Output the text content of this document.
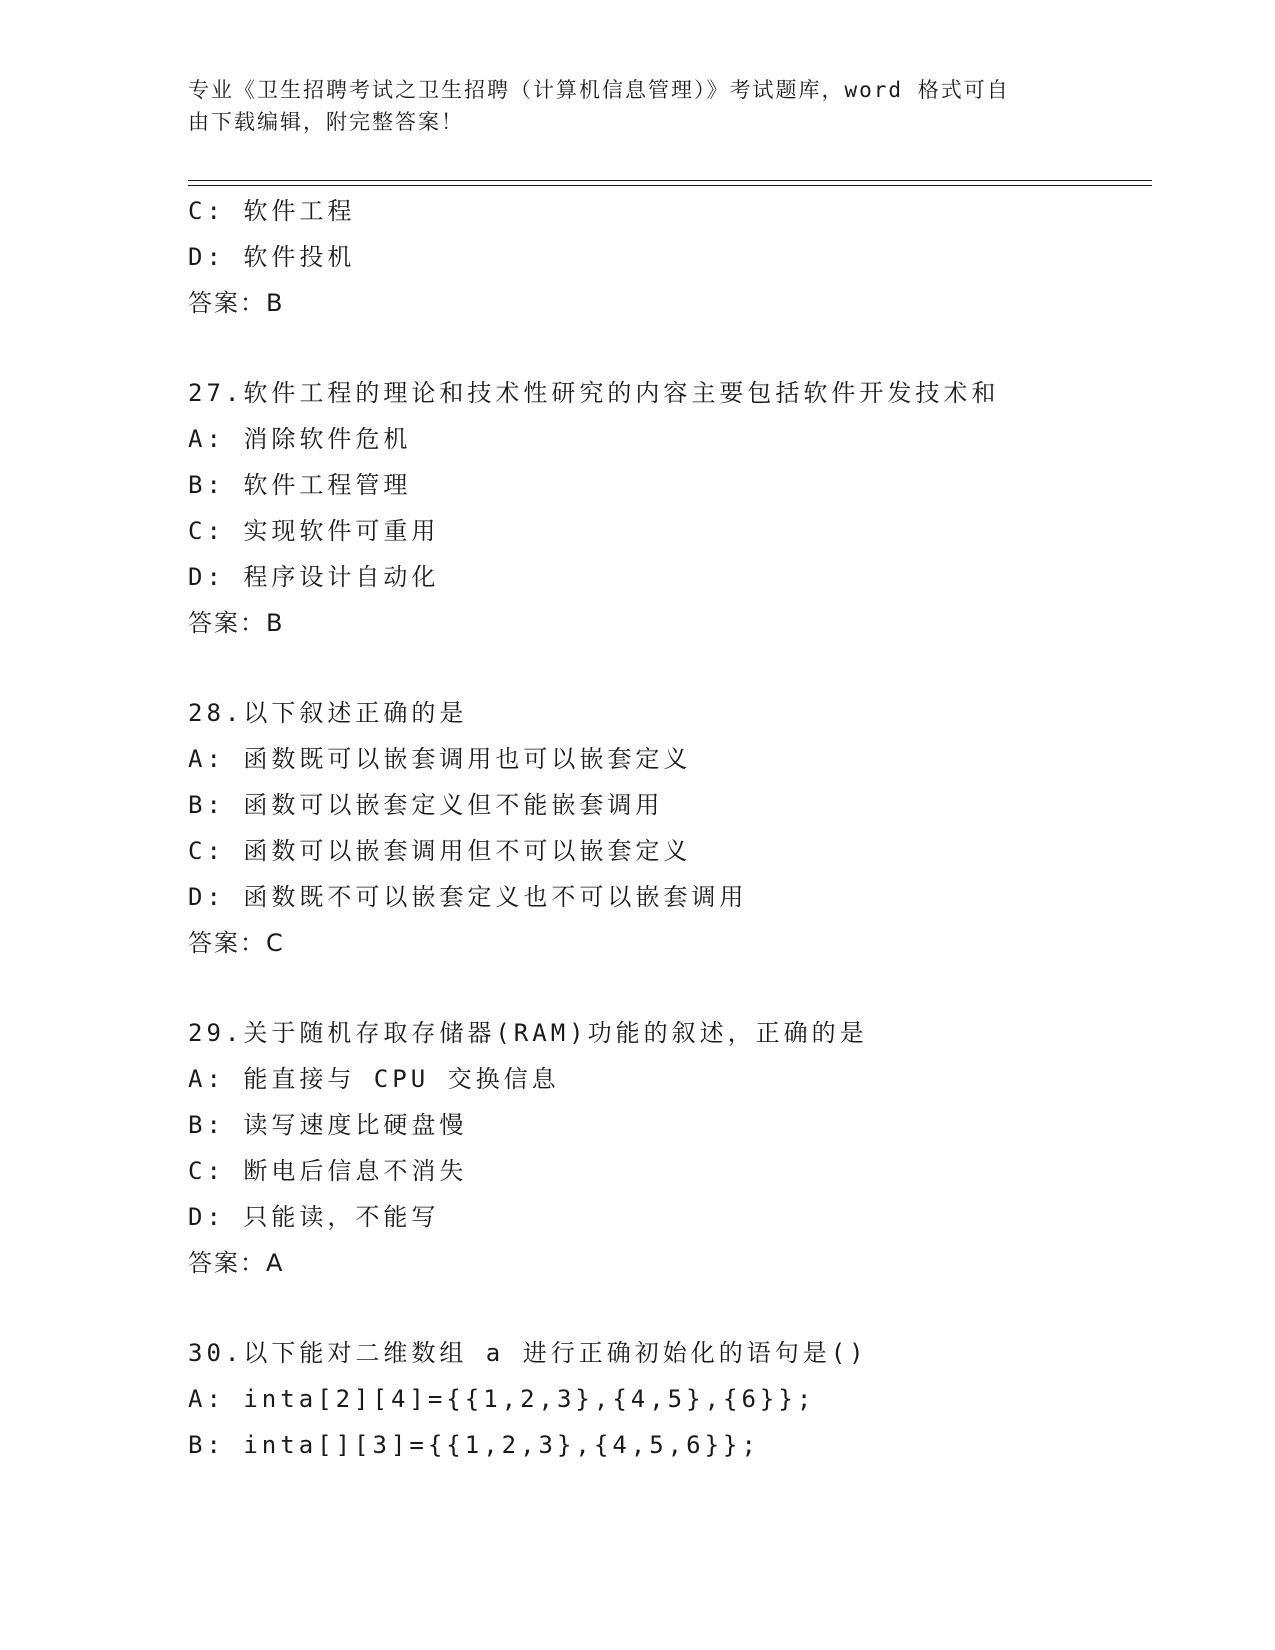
专业《卫生招聘考试之卫生招聘（计算机信息管理）》考试题库，word 格式可自
由下载编辑，附完整答案！
C: 软件工程
D: 软件投机
答案：B
27.软件工程的理论和技术性研究的内容主要包括软件开发技术和
A: 消除软件危机
B: 软件工程管理
C: 实现软件可重用
D: 程序设计自动化
答案：B
28.以下叙述正确的是
A: 函数既可以嵌套调用也可以嵌套定义
B: 函数可以嵌套定义但不能嵌套调用
C: 函数可以嵌套调用但不可以嵌套定义
D: 函数既不可以嵌套定义也不可以嵌套调用
答案：C
29.关于随机存取存储器(RAM)功能的叙述，正确的是
A: 能直接与 CPU 交换信息
B: 读写速度比硬盘慢
C: 断电后信息不消失
D: 只能读，不能写
答案：A
30.以下能对二维数组 a 进行正确初始化的语句是()
A: inta[2][4]={{1,2,3},{4,5},{6}};
B: inta[][3]={{1,2,3},{4,5,6}};
